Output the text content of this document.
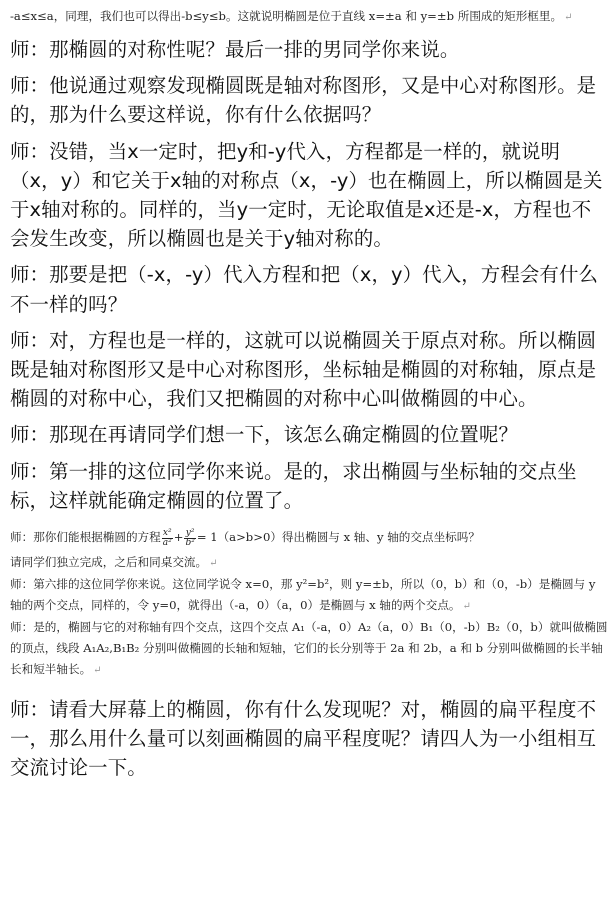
-a≤x≤a，同理，我们也可以得出-b≤y≤b。这就说明椭圆是位于直线 x=±a 和 y=±b 所围成的矩形框里。 ↵

师：那椭圆的对称性呢？最后一排的男同学你来说。

师：他说通过观察发现椭圆既是轴对称图形，又是中心对称图形。是的，那为什么要这样说，你有什么依据吗？

师：没错，当x一定时，把y和-y代入，方程都是一样的，就说明（x，y）和它关于x轴的对称点（x，-y）也在椭圆上，所以椭圆是关于x轴对称的。同样的，当y一定时，无论取值是x还是-x，方程也不会发生改变，所以椭圆也是关于y轴对称的。

师：那要是把（-x，-y）代入方程和把（x，y）代入，方程会有什么不一样的吗？

师：对，方程也是一样的，这就可以说椭圆关于原点对称。所以椭圆既是轴对称图形又是中心对称图形，坐标轴是椭圆的对称轴，原点是椭圆的对称中心，我们又把椭圆的对称中心叫做椭圆的中心。

师：那现在再请同学们想一下，该怎么确定椭圆的位置呢？

师：第一排的这位同学你来说。是的，求出椭圆与坐标轴的交点坐标，这样就能确定椭圆的位置了。

师：那你们能根据椭圆的方程 $\frac{\text{x²}}{\text{a²}} + \frac{\text{y²}}{\text{b²}} = 1(a>b>0)$得出椭圆与 x 轴、y 轴的交点坐标吗？

请同学们独立完成，之后和同桌交流。 ↵

师：第六排的这位同学你来说。这位同学说令 x=0，那 y²=b²，则 y=±b，所以（0，b）和（0，-b）是椭圆与 y 轴的两个交点，同样的，令 y=0，就得出（-a，0）（a，0）是椭圆与 x 轴的两个交点。 ↵

师：是的，椭圆与它的对称轴有四个交点，这四个交点 A₁（-a，0）A₂（a，0）B₁（0，-b）B₂（0，b）就叫做椭圆的顶点，线段 A₁A₂,B₁B₂ 分别叫做椭圆的长轴和短轴，它们的长分别等于 2a 和 2b，a 和 b 分别叫做椭圆的长半轴长和短半轴长。 ↵

师：请看大屏幕上的椭圆，你有什么发现呢？对，椭圆的扁平程度不一，那么用什么量可以刻画椭圆的扁平程度呢？请四人为一小组相互交流讨论一下。
